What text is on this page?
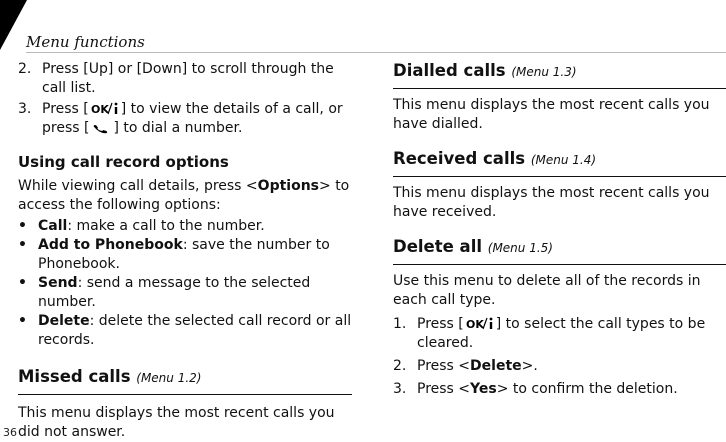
Menu functions
36
2. Press [Up] or [Down] to scroll through the call list.
3. Press [ OK ] to view the details of a call, or press [ ] to dial a number.
Using call record options

While viewing call details, press <Options> to access the following options:

• Call: make a call to the number.
• Add to Phonebook: save the number to Phonebook.
• Send: send a message to the selected number.
• Delete: delete the selected call record or all records.
Missed calls (Menu 1.2)

This menu displays the most recent calls you did not answer.

Dialled calls (Menu 1.3)

This menu displays the most recent calls you have dialled.

Received calls (Menu 1.4)

This menu displays the most recent calls you have received.

Delete all (Menu 1.5)

Use this menu to delete all of the records in each call type.

1. Press [ OK ] to select the call types to be cleared.
2. Press <Delete>.
3. Press <Yes> to confirm the deletion.
